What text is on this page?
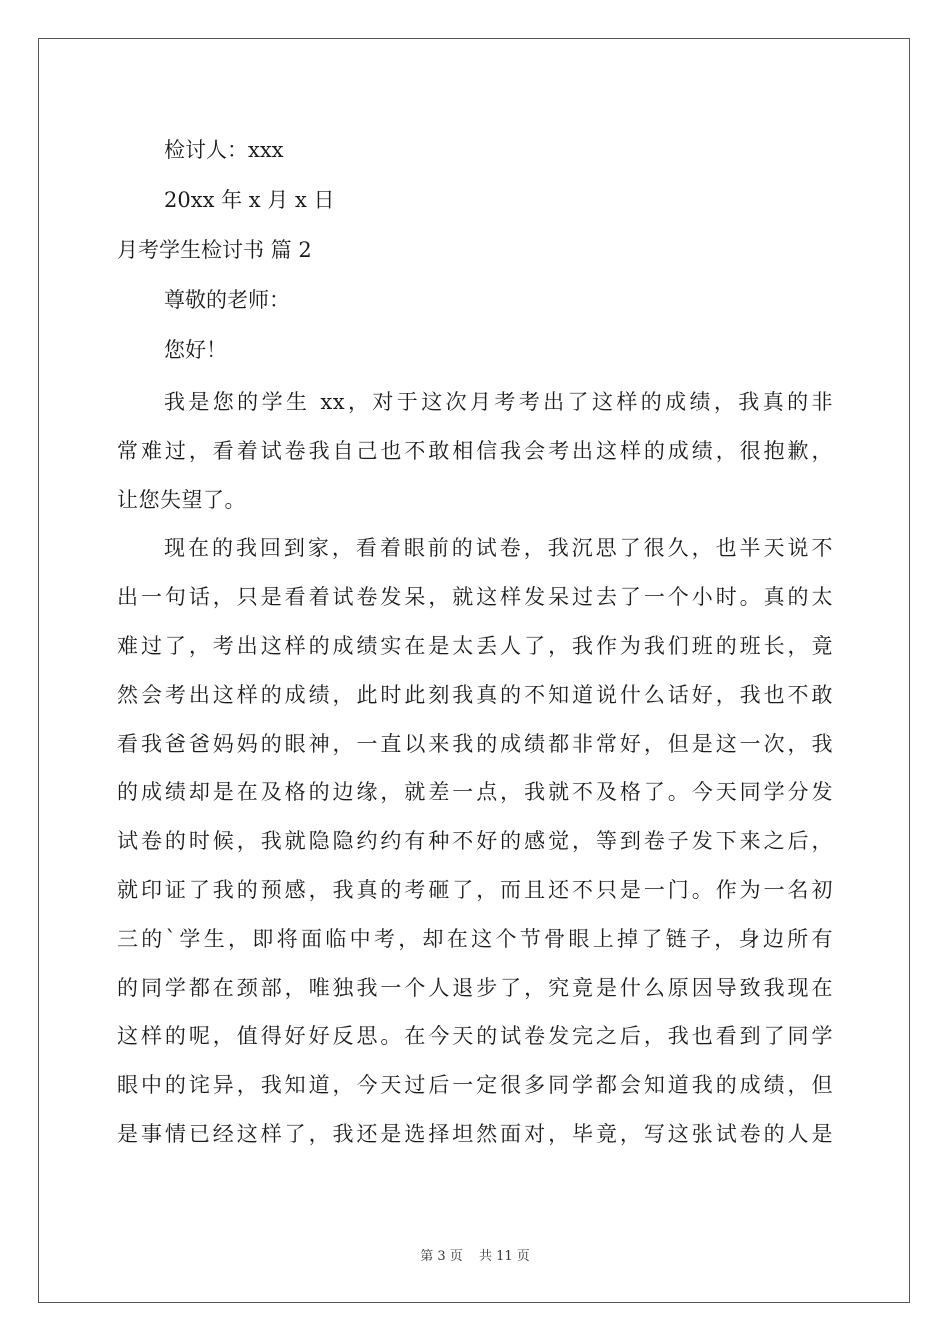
检讨人：xxx
20xx 年 x 月 x 日
月考学生检讨书 篇 2
尊敬的老师：
您好！
我是您的学生 xx，对于这次月考考出了这样的成绩，我真的非
常难过，看着试卷我自己也不敢相信我会考出这样的成绩，很抱歉，
让您失望了。
现在的我回到家，看着眼前的试卷，我沉思了很久，也半天说不
出一句话，只是看着试卷发呆，就这样发呆过去了一个小时。真的太
难过了，考出这样的成绩实在是太丢人了，我作为我们班的班长，竟
然会考出这样的成绩，此时此刻我真的不知道说什么话好，我也不敢
看我爸爸妈妈的眼神，一直以来我的成绩都非常好，但是这一次，我
的成绩却是在及格的边缘，就差一点，我就不及格了。今天同学分发
试卷的时候，我就隐隐约约有种不好的感觉，等到卷子发下来之后，
就印证了我的预感，我真的考砸了，而且还不只是一门。作为一名初
三的`学生，即将面临中考，却在这个节骨眼上掉了链子，身边所有
的同学都在颈部，唯独我一个人退步了，究竟是什么原因导致我现在
这样的呢，值得好好反思。在今天的试卷发完之后，我也看到了同学
眼中的诧异，我知道，今天过后一定很多同学都会知道我的成绩，但
是事情已经这样了，我还是选择坦然面对，毕竟，写这张试卷的人是
第 3 页 共 11 页
